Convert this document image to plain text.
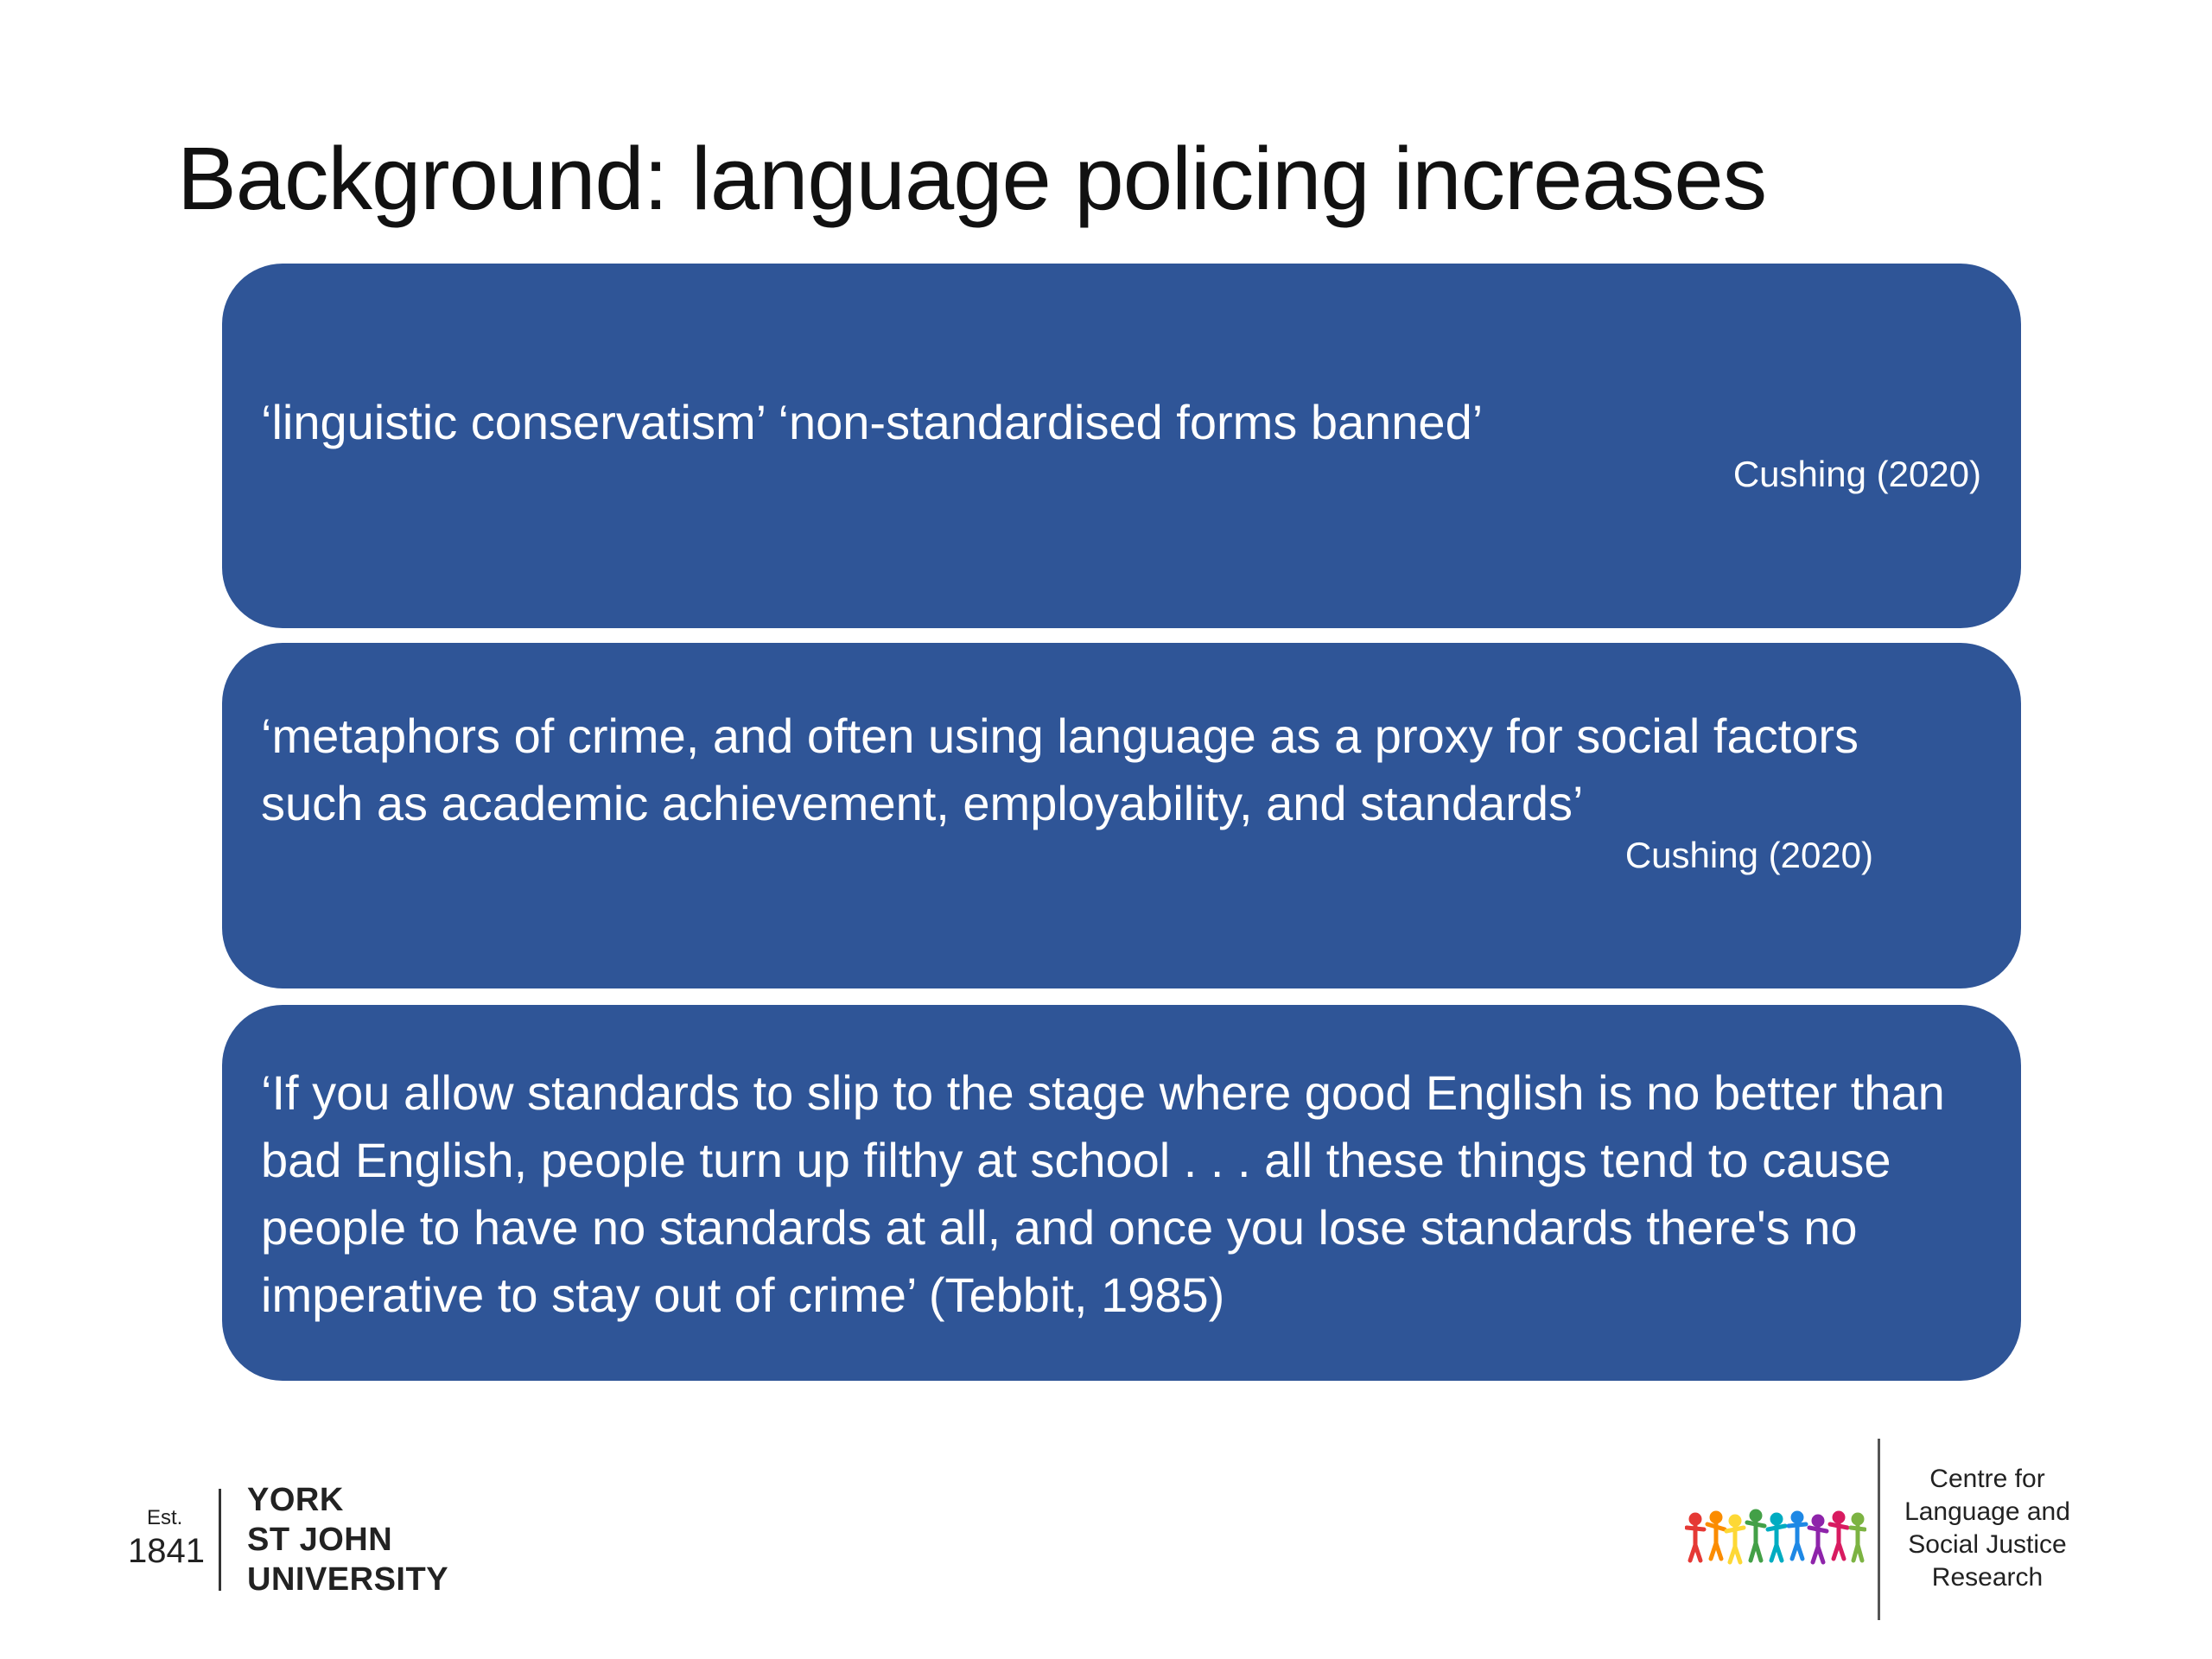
Background: language policing increases
‘linguistic conservatism’ ‘non-standardised forms banned’
Cushing (2020)
‘metaphors of crime, and often using language as a proxy for social factors such as academic achievement, employability, and standards’
Cushing (2020)
‘If you allow standards to slip to the stage where good English is no better than bad English, people turn up filthy at school . . . all these things tend to cause people to have no standards at all, and once you lose standards there's no imperative to stay out of crime’ (Tebbit, 1985)
Est.
1841
YORK
ST JOHN
UNIVERSITY
Centre for
Language and
Social Justice
Research
